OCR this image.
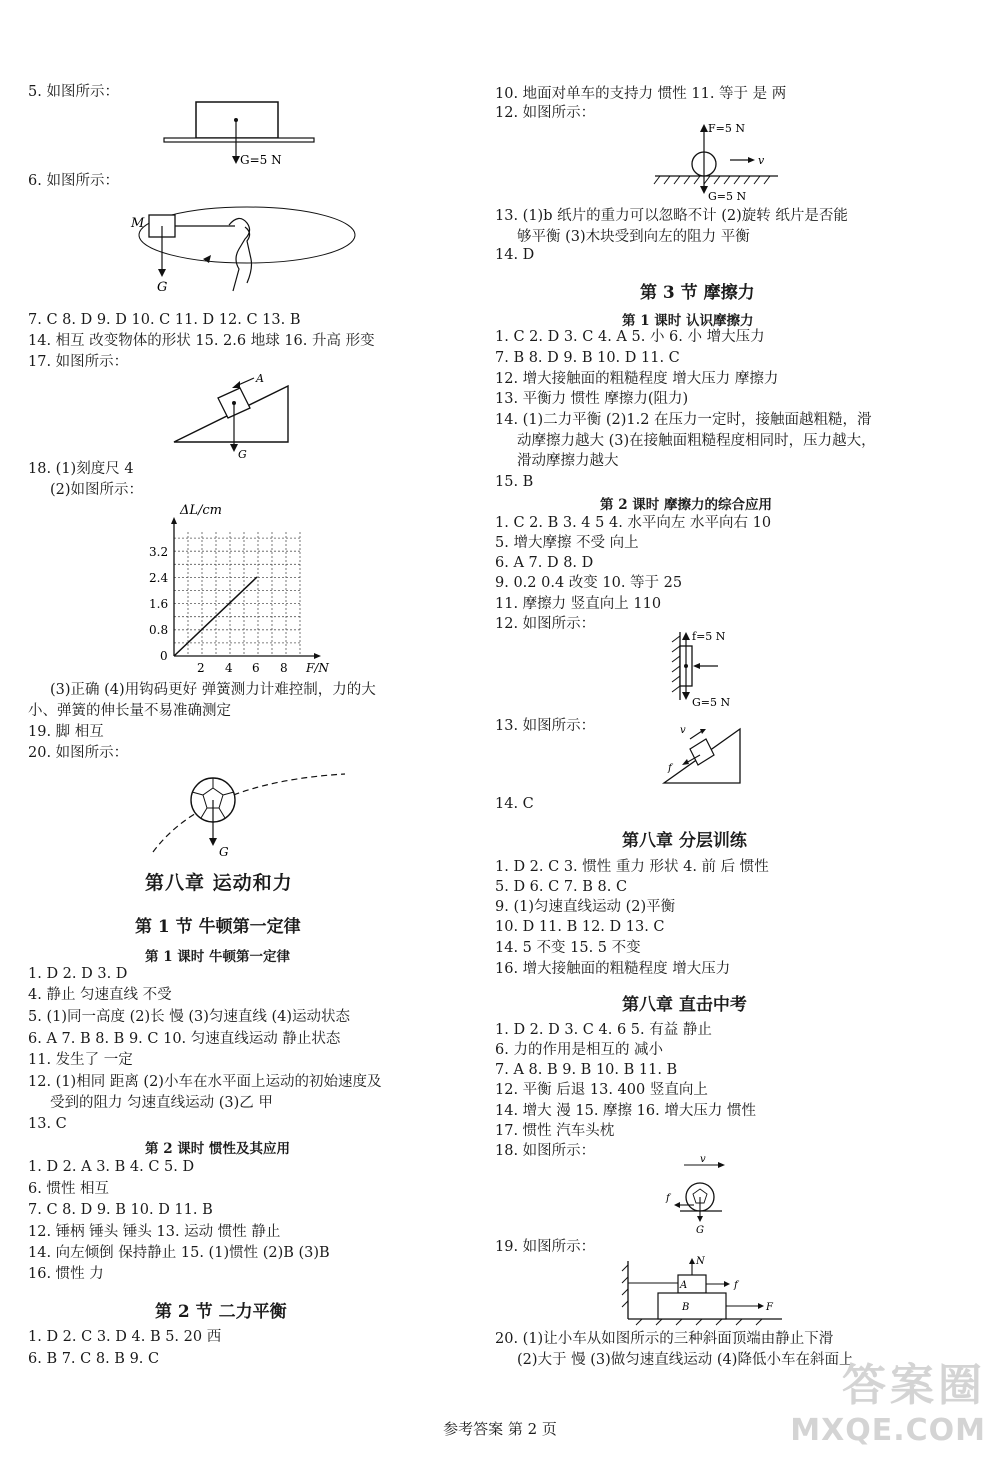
5. 如图所示：
G=5 N
6. 如图所示：
M
G
7. C 8. D 9. D 10. C 11. D 12. C 13. B
14. 相互 改变物体的形状 15. 2.6 地球 16. 升高 形变
17. 如图所示：
A
G
18. (1)刻度尺 4
(2)如图所示：
ΔL/cm
3.2
2.4
1.6
0.8
0
2 4 6 8 F/N
(3)正确 (4)用钩码更好 弹簧测力计难控制，力的大
小、弹簧的伸长量不易准确测定
19. 脚 相互
20. 如图所示：
G
第八章 运动和力
第 1 节 牛顿第一定律
第 1 课时 牛顿第一定律
1. D 2. D 3. D
4. 静止 匀速直线 不受
5. (1)同一高度 (2)长 慢 (3)匀速直线 (4)运动状态
6. A 7. B 8. B 9. C 10. 匀速直线运动 静止状态
11. 发生了 一定
12. (1)相同 距离 (2)小车在水平面上运动的初始速度及
受到的阻力 匀速直线运动 (3)乙 甲
13. C
第 2 课时 惯性及其应用
1. D 2. A 3. B 4. C 5. D
6. 惯性 相互
7. C 8. D 9. B 10. D 11. B
12. 锤柄 锤头 锤头 13. 运动 惯性 静止
14. 向左倾倒 保持静止 15. (1)惯性 (2)B (3)B
16. 惯性 力
第 2 节 二力平衡
1. D 2. C 3. D 4. B 5. 20 西
6. B 7. C 8. B 9. C
10. 地面对单车的支持力 惯性 11. 等于 是 两
12. 如图所示：
F=5 N
v
G=5 N
13. (1)b 纸片的重力可以忽略不计 (2)旋转 纸片是否能
够平衡 (3)木块受到向左的阻力 平衡
14. D
第 3 节 摩擦力
第 1 课时 认识摩擦力
1. C 2. D 3. C 4. A 5. 小 6. 小 增大压力
7. B 8. D 9. B 10. D 11. C
12. 增大接触面的粗糙程度 增大压力 摩擦力
13. 平衡力 惯性 摩擦力(阻力)
14. (1)二力平衡 (2)1.2 在压力一定时，接触面越粗糙，滑
动摩擦力越大 (3)在接触面粗糙程度相同时，压力越大，
滑动摩擦力越大
15. B
第 2 课时 摩擦力的综合应用
1. C 2. B 3. 4 5 4. 水平向左 水平向右 10
5. 增大摩擦 不受 向上
6. A 7. D 8. D
9. 0.2 0.4 改变 10. 等于 25
11. 摩擦力 竖直向上 110
12. 如图所示：
f=5 N
G=5 N
13. 如图所示：	v
f
14. C
第八章 分层训练
1. D 2. C 3. 惯性 重力 形状 4. 前 后 惯性
5. D 6. C 7. B 8. C
9. (1)匀速直线运动 (2)平衡
10. D 11. B 12. D 13. C
14. 5 不变 15. 5 不变
16. 增大接触面的粗糙程度 增大压力
第八章 直击中考
1. D 2. D 3. C 4. 6 5. 有益 静止
6. 力的作用是相互的 减小
7. A 8. B 9. B 10. B 11. B
12. 平衡 后退 13. 400 竖直向上
14. 增大 漫 15. 摩擦 16. 增大压力 惯性
17. 惯性 汽车头枕
18. 如图所示：
v
f
G
19. 如图所示：
N
A	f
B	F
20. (1)让小车从如图所示的三种斜面顶端由静止下滑
(2)大于 慢 (3)做匀速直线运动 (4)降低小车在斜面上
参考答案 第 2 页
答案圈
MXQE.COM
